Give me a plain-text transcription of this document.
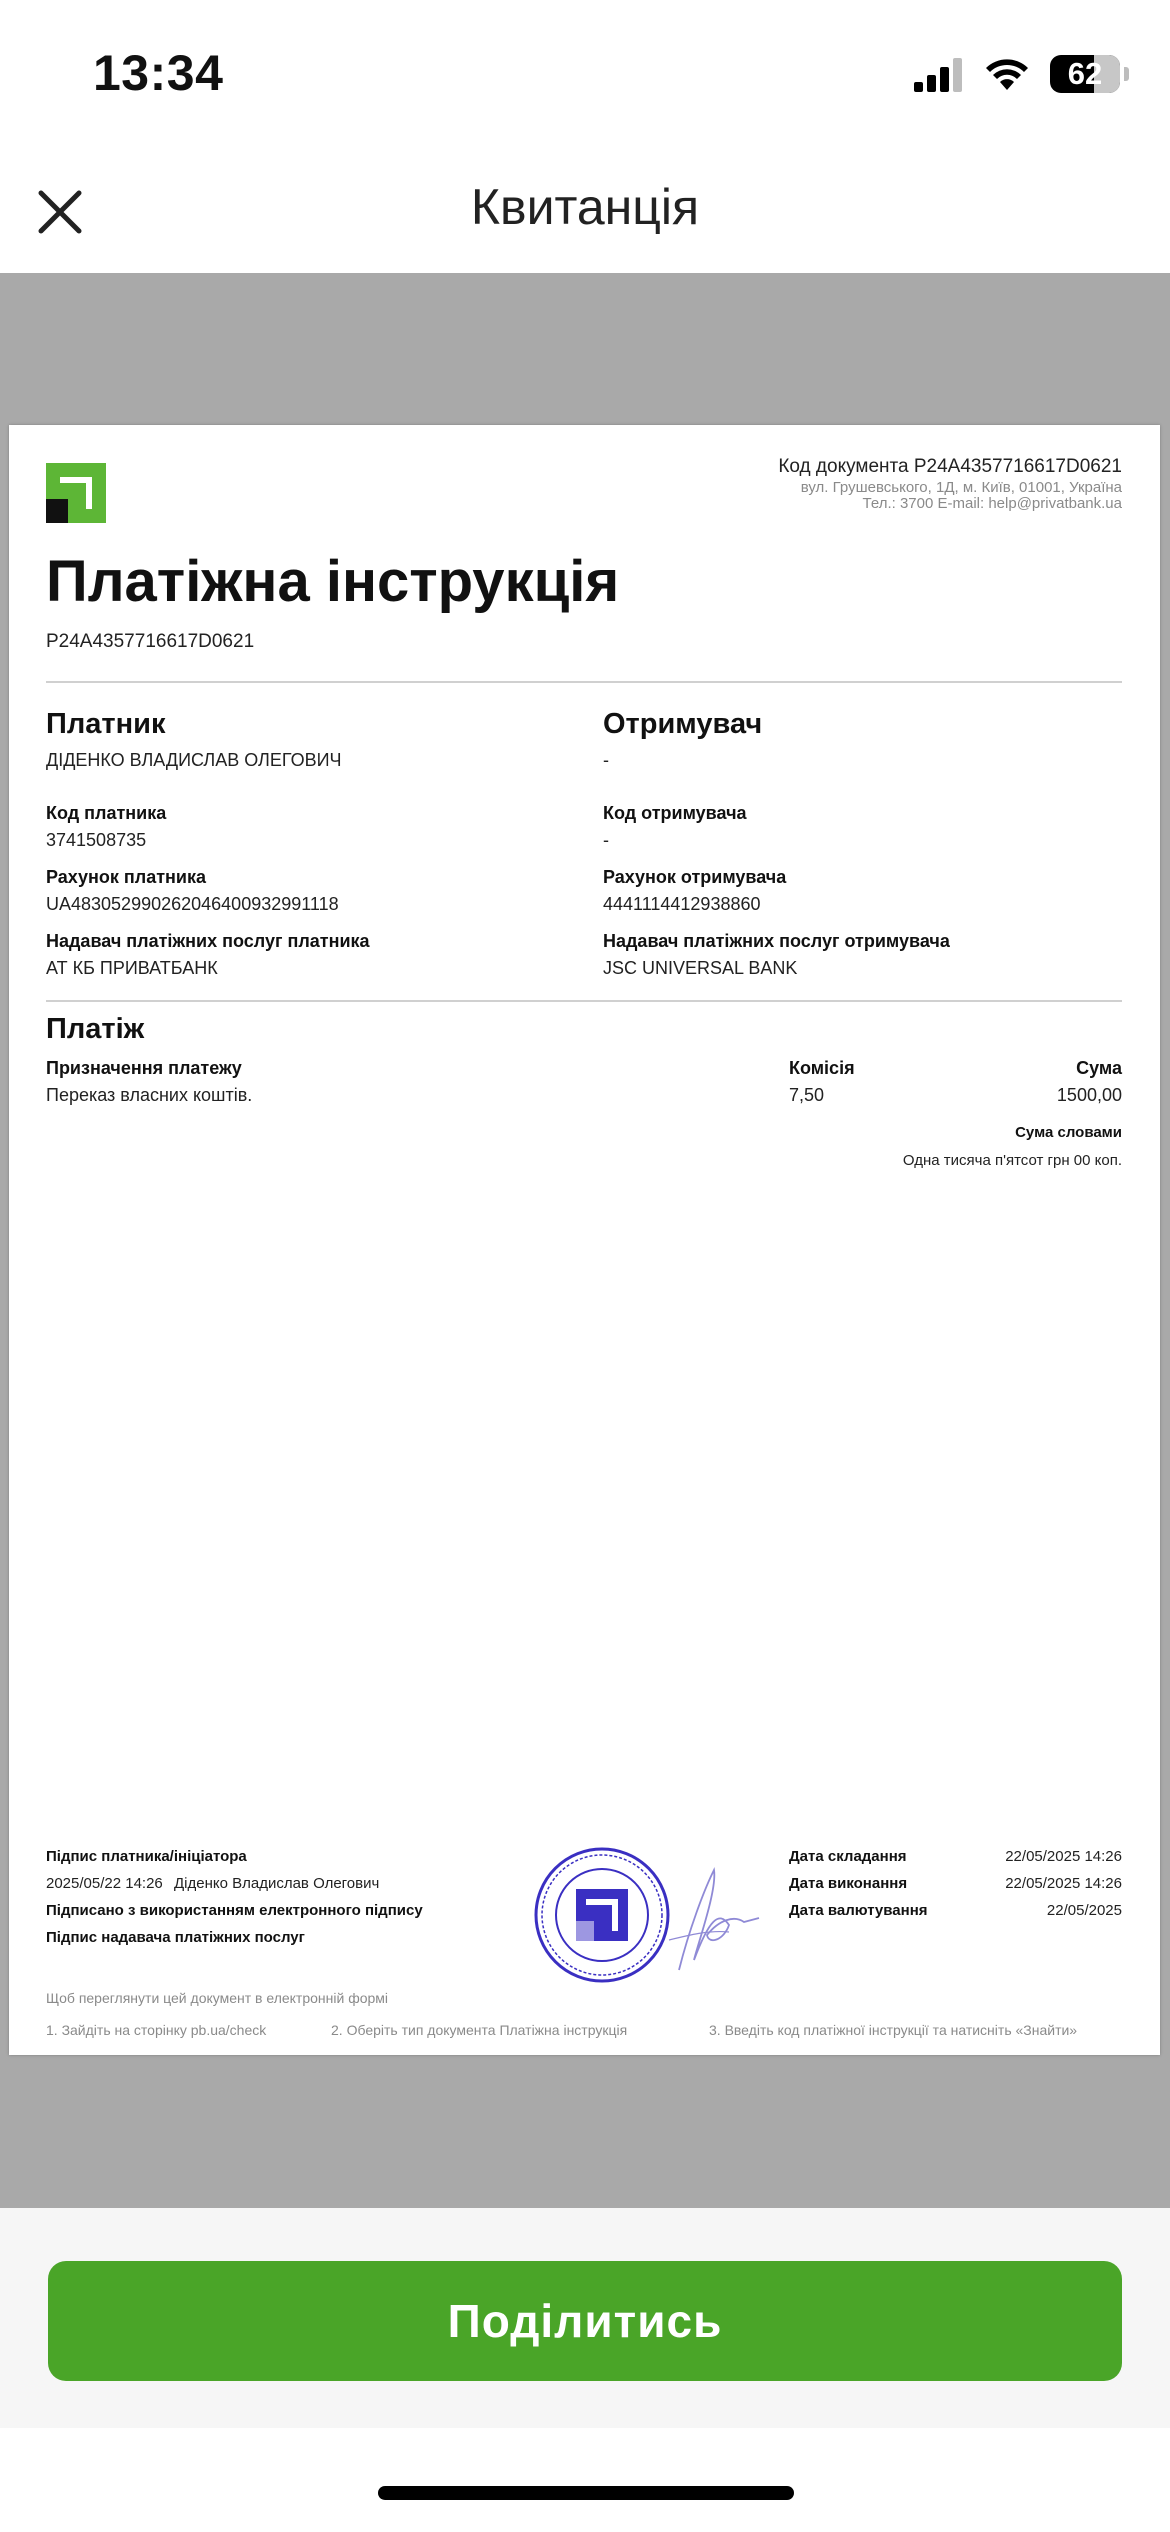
13:34	62
Квитанція
Код документа P24A4357716617D0621
вул. Грушевського, 1Д, м. Київ, 01001, Україна
Тел.: 3700 E-mail: help@privatbank.ua
Платіжна інструкція
P24A4357716617D0621
Платник
ДІДЕНКО ВЛАДИСЛАВ ОЛЕГОВИЧ
Код платника
3741508735
Рахунок платника
UA483052990262046400932991118
Надавач платіжних послуг платника
АТ КБ ПРИВАТБАНК
Отримувач
-
Код отримувача
-
Рахунок отримувача
4441114412938860
Надавач платіжних послуг отримувача
JSC UNIVERSAL BANK
Платіж
Призначення платежу
Переказ власних коштів.
Комісія
7,50
Сума
1500,00
Сума словами
Одна тисяча п'ятсот грн 00 коп.
Підпис платника/ініціатора
2025/05/22 14:26 Діденко Владислав Олегович
Підписано з використанням електронного підпису
Підпис надавача платіжних послуг
Дата складання	22/05/2025 14:26
Дата виконання	22/05/2025 14:26
Дата валютування	22/05/2025
Щоб переглянути цей документ в електронній формі
1. Зайдіть на сторінку pb.ua/check	2. Оберіть тип документа Платіжна інструкція	3. Введіть код платіжної інструкції та натисніть «Знайти»
Поділитись
